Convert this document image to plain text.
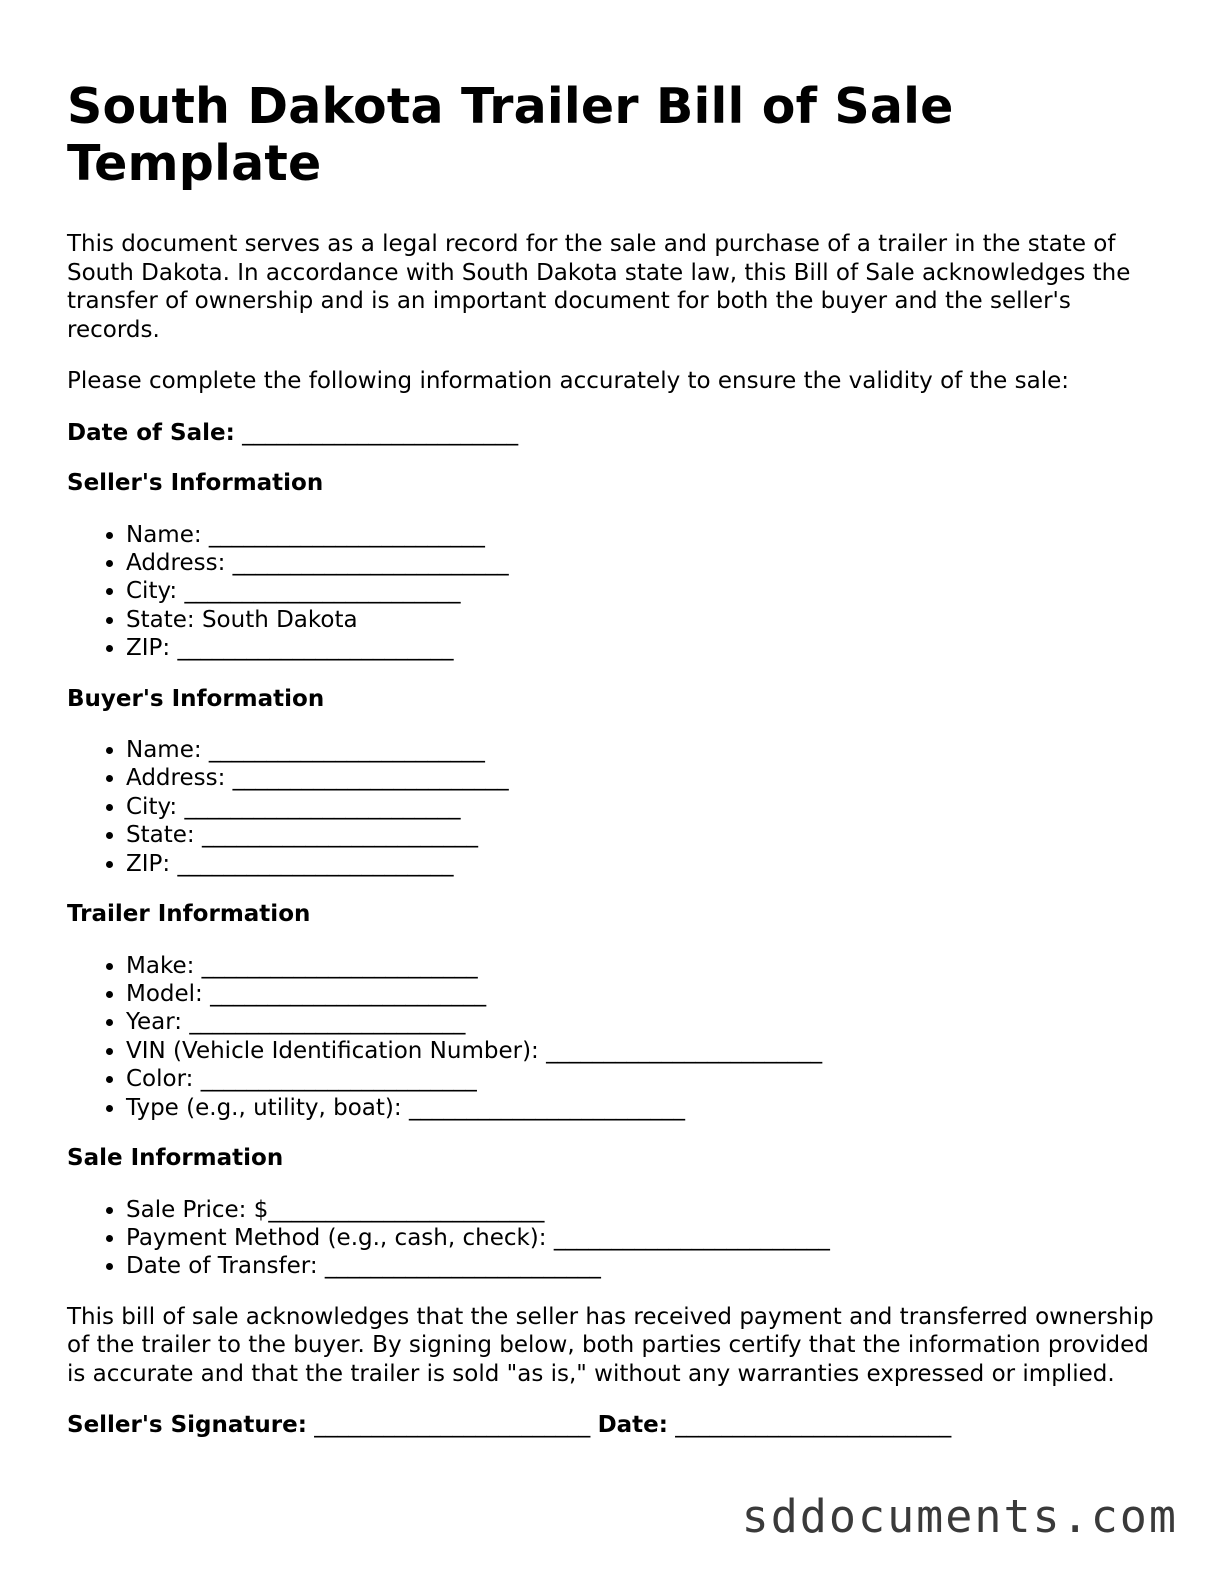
South Dakota Trailer Bill of Sale Template

This document serves as a legal record for the sale and purchase of a trailer in the state of South Dakota. In accordance with South Dakota state law, this Bill of Sale acknowledges the transfer of ownership and is an important document for both the buyer and the seller's records.

Please complete the following information accurately to ensure the validity of the sale:

Date of Sale: ________________________
Seller's Information
• Name: ________________________
• Address: ________________________
• City: ________________________
• State: South Dakota
• ZIP: ________________________
Buyer's Information
• Name: ________________________
• Address: ________________________
• City: ________________________
• State: ________________________
• ZIP: ________________________
Trailer Information
• Make: ________________________
• Model: ________________________
• Year: ________________________
• VIN (Vehicle Identification Number): ________________________
• Color: ________________________
• Type (e.g., utility, boat): ________________________
Sale Information
• Sale Price: $________________________
• Payment Method (e.g., cash, check): ________________________
• Date of Transfer: ________________________

This bill of sale acknowledges that the seller has received payment and transferred ownership of the trailer to the buyer. By signing below, both parties certify that the information provided is accurate and that the trailer is sold "as is," without any warranties expressed or implied.

Seller's Signature: ________________________ Date: ________________________
sddocuments.com
